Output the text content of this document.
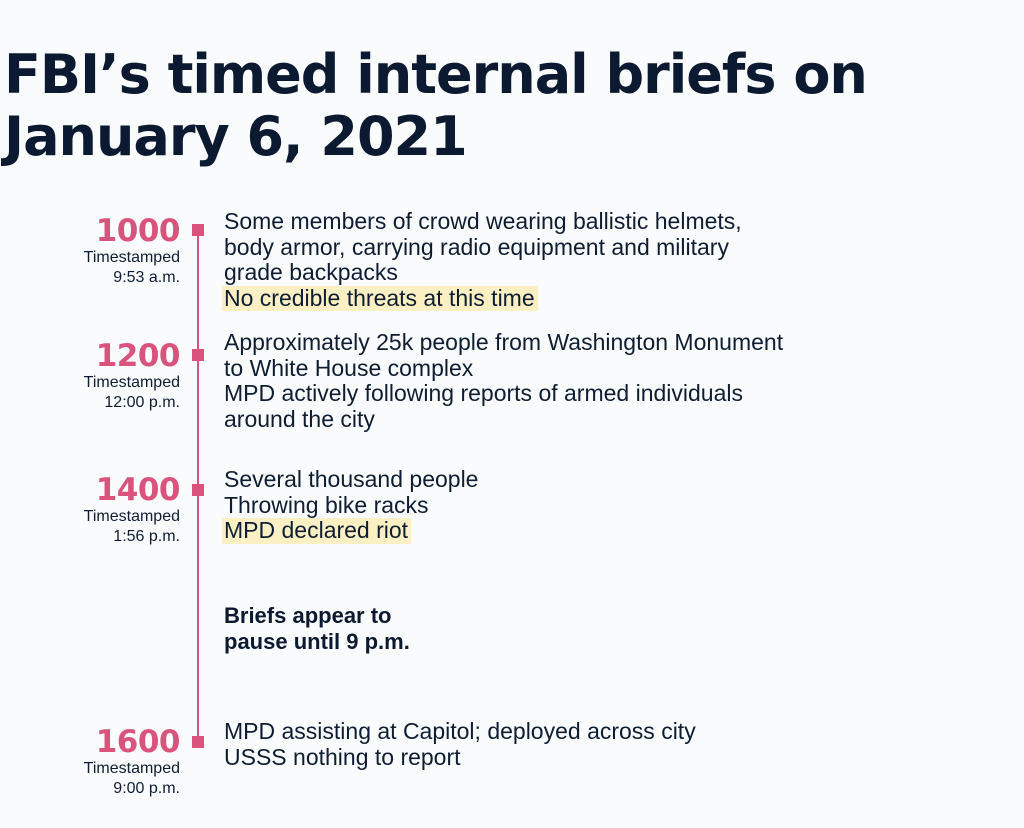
FBI’s timed internal briefs on January 6, 2021
1000
Timestamped
9:53 a.m.
Some members of crowd wearing ballistic helmets,
body armor, carrying radio equipment and military
grade backpacks
No credible threats at this time
1200
Timestamped
12:00 p.m.
Approximately 25k people from Washington Monument
to White House complex
MPD actively following reports of armed individuals
around the city
1400
Timestamped
1:56 p.m.
Several thousand people
Throwing bike racks
MPD declared riot
Briefs appear to
pause until 9 p.m.
1600
Timestamped
9:00 p.m.
MPD assisting at Capitol; deployed across city
USSS nothing to report
